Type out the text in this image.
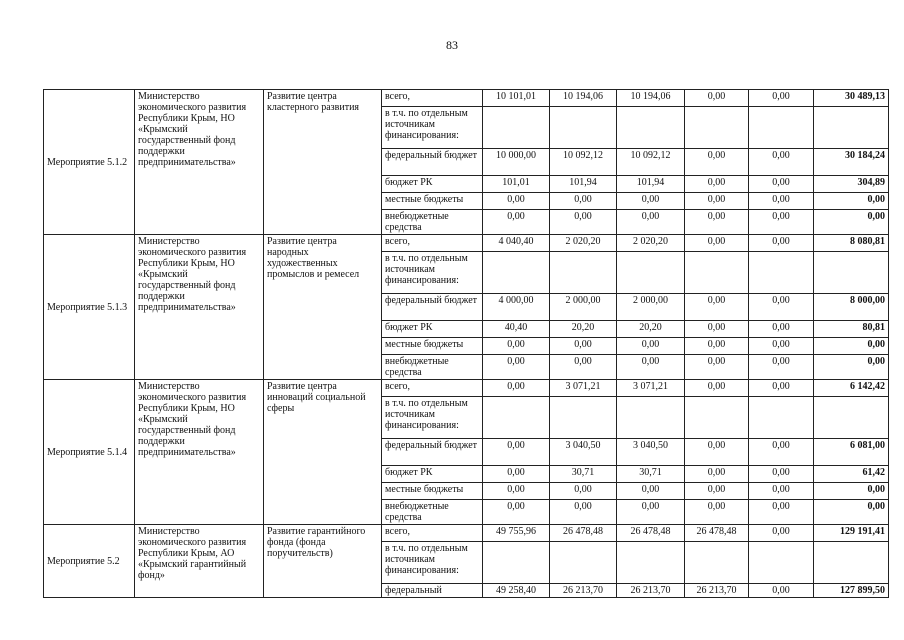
83
Мероприятие 5.1.2	Министерство экономического развития Республики Крым, НО «Крымский государственный фонд поддержки предпринимательства»	Развитие центра кластерного развития	всего,	10 101,01	10 194,06	10 194,06	0,00	0,00	30 489,13
			в т.ч. по отдельным источникам финансирования:						
			федеральный бюджет	10 000,00	10 092,12	10 092,12	0,00	0,00	30 184,24
			бюджет РК	101,01	101,94	101,94	0,00	0,00	304,89
			местные бюджеты	0,00	0,00	0,00	0,00	0,00	0,00
			внебюджетные средства	0,00	0,00	0,00	0,00	0,00	0,00
Мероприятие 5.1.3	Министерство экономического развития Республики Крым, НО «Крымский государственный фонд поддержки предпринимательства»	Развитие центра народных художественных промыслов и ремесел	всего,	4 040,40	2 020,20	2 020,20	0,00	0,00	8 080,81
			в т.ч. по отдельным источникам финансирования:						
			федеральный бюджет	4 000,00	2 000,00	2 000,00	0,00	0,00	8 000,00
			бюджет РК	40,40	20,20	20,20	0,00	0,00	80,81
			местные бюджеты	0,00	0,00	0,00	0,00	0,00	0,00
			внебюджетные средства	0,00	0,00	0,00	0,00	0,00	0,00
Мероприятие 5.1.4	Министерство экономического развития Республики Крым, НО «Крымский государственный фонд поддержки предпринимательства»	Развитие центра инноваций социальной сферы	всего,	0,00	3 071,21	3 071,21	0,00	0,00	6 142,42
			в т.ч. по отдельным источникам финансирования:						
			федеральный бюджет	0,00	3 040,50	3 040,50	0,00	0,00	6 081,00
			бюджет РК	0,00	30,71	30,71	0,00	0,00	61,42
			местные бюджеты	0,00	0,00	0,00	0,00	0,00	0,00
			внебюджетные средства	0,00	0,00	0,00	0,00	0,00	0,00
Мероприятие 5.2	Министерство экономического развития Республики Крым, АО «Крымский гарантийный фонд»	Развитие гарантийного фонда (фонда поручительств)	всего,	49 755,96	26 478,48	26 478,48	26 478,48	0,00	129 191,41
			в т.ч. по отдельным источникам финансирования:						
			федеральный	49 258,40	26 213,70	26 213,70	26 213,70	0,00	127 899,50
